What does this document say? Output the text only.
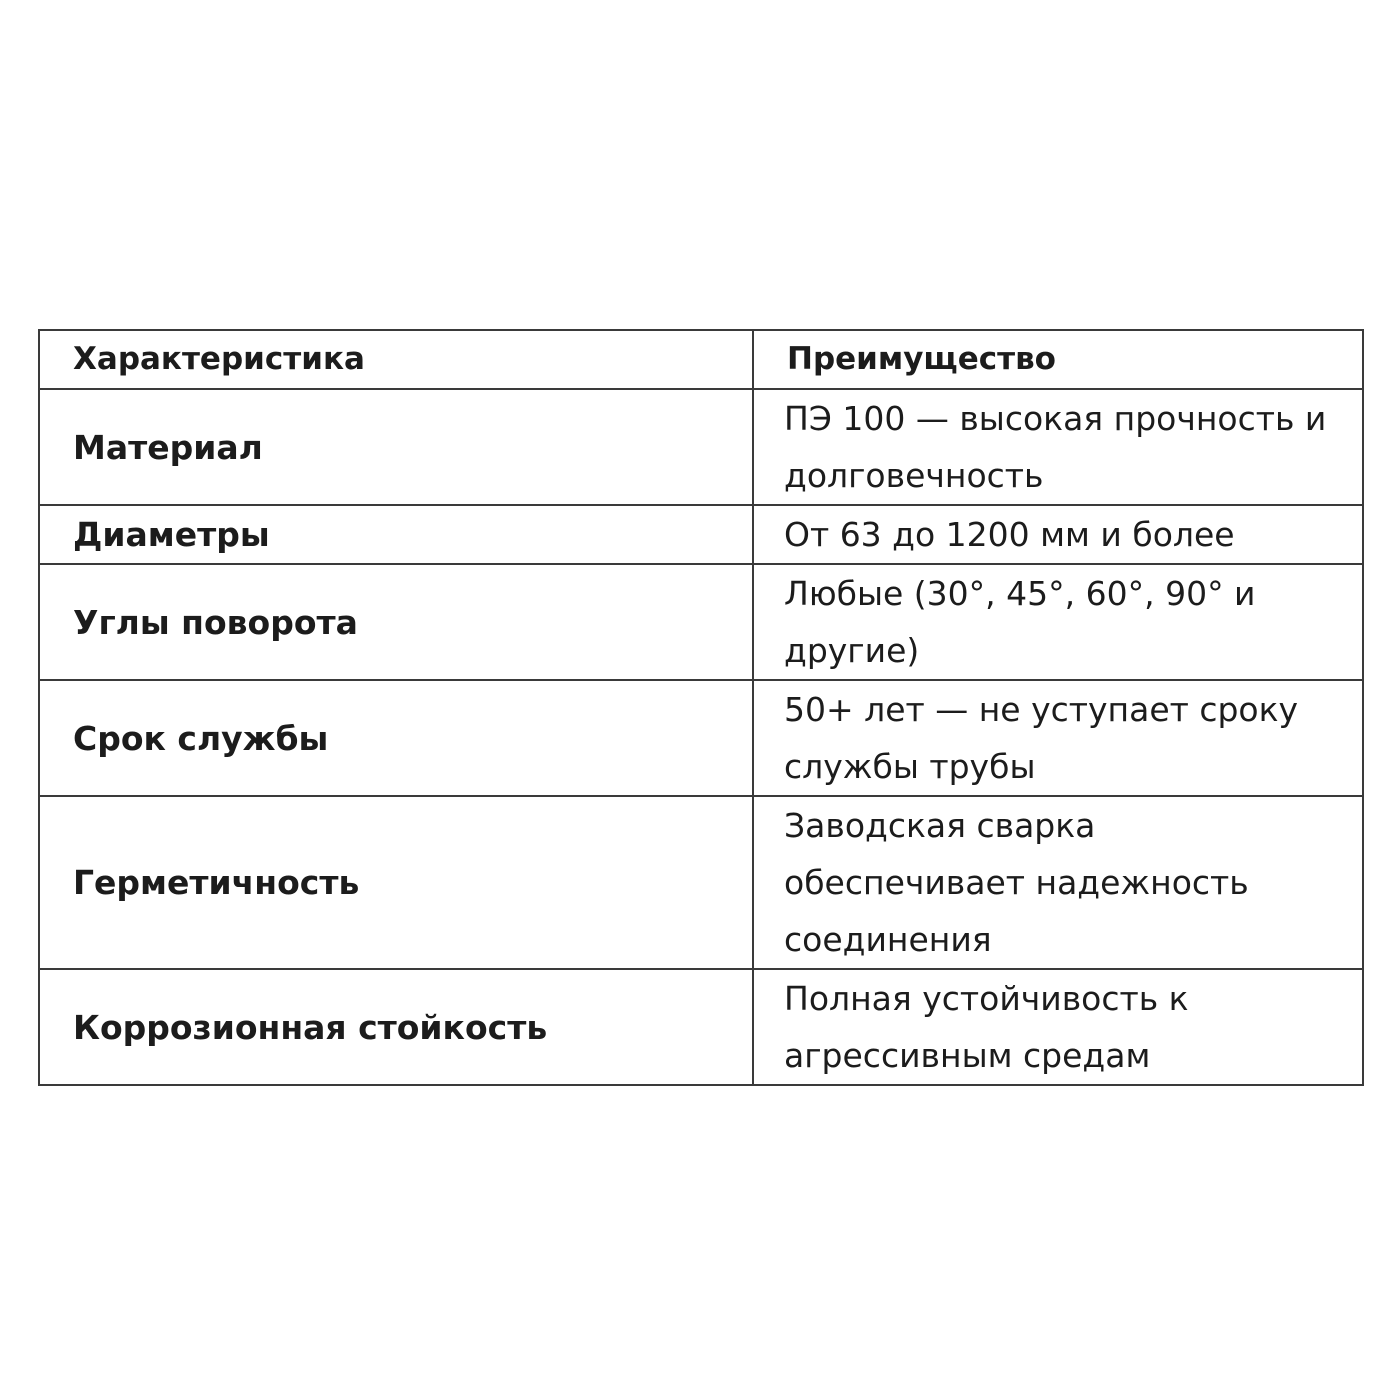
Характеристика	Преимущество
Материал	ПЭ 100 — высокая прочность и
долговечность

Диаметры	От 63 до 1200 мм и более

Углы поворота	Любые (30°, 45°, 60°, 90° и
другие)

Срок службы	50+ лет — не уступает сроку
службы трубы

Герметичность	Заводская сварка
обеспечивает надежность
соединения

Коррозионная стойкость	Полная устойчивость к
агрессивным средам
